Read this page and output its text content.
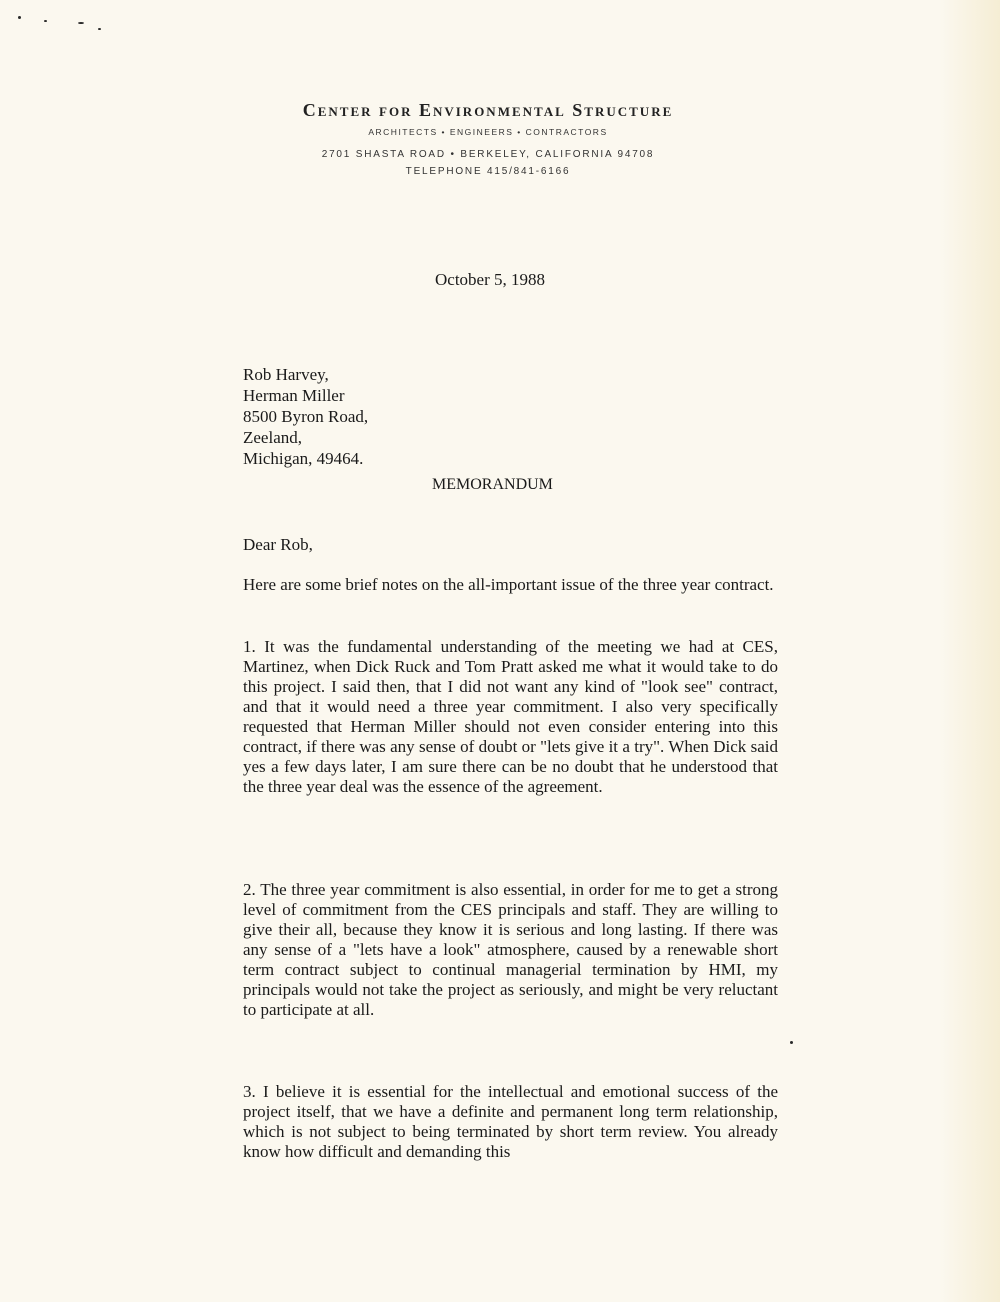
Center for Environmental Structure
ARCHITECTS • ENGINEERS • CONTRACTORS
2701 SHASTA ROAD • BERKELEY, CALIFORNIA 94708
TELEPHONE 415/841-6166
October 5, 1988
Rob Harvey,
Herman Miller
8500 Byron Road,
Zeeland,
Michigan, 49464.
MEMORANDUM
Dear Rob,
Here are some brief notes on the all-important issue of the three year contract.
1. It was the fundamental understanding of the meeting we had at CES, Martinez, when Dick Ruck and Tom Pratt asked me what it would take to do this project. I said then, that I did not want any kind of "look see" contract, and that it would need a three year commitment. I also very specifically requested that Herman Miller should not even consider entering into this contract, if there was any sense of doubt or "lets give it a try". When Dick said yes a few days later, I am sure there can be no doubt that he understood that the three year deal was the essence of the agreement.
2. The three year commitment is also essential, in order for me to get a strong level of commitment from the CES principals and staff. They are willing to give their all, because they know it is serious and long lasting. If there was any sense of a "lets have a look" atmosphere, caused by a renewable short term contract subject to continual managerial termination by HMI, my principals would not take the project as seriously, and might be very reluctant to participate at all.
3. I believe it is essential for the intellectual and emotional success of the project itself, that we have a definite and permanent long term relationship, which is not subject to being terminated by short term review. You already know how difficult and demanding this
